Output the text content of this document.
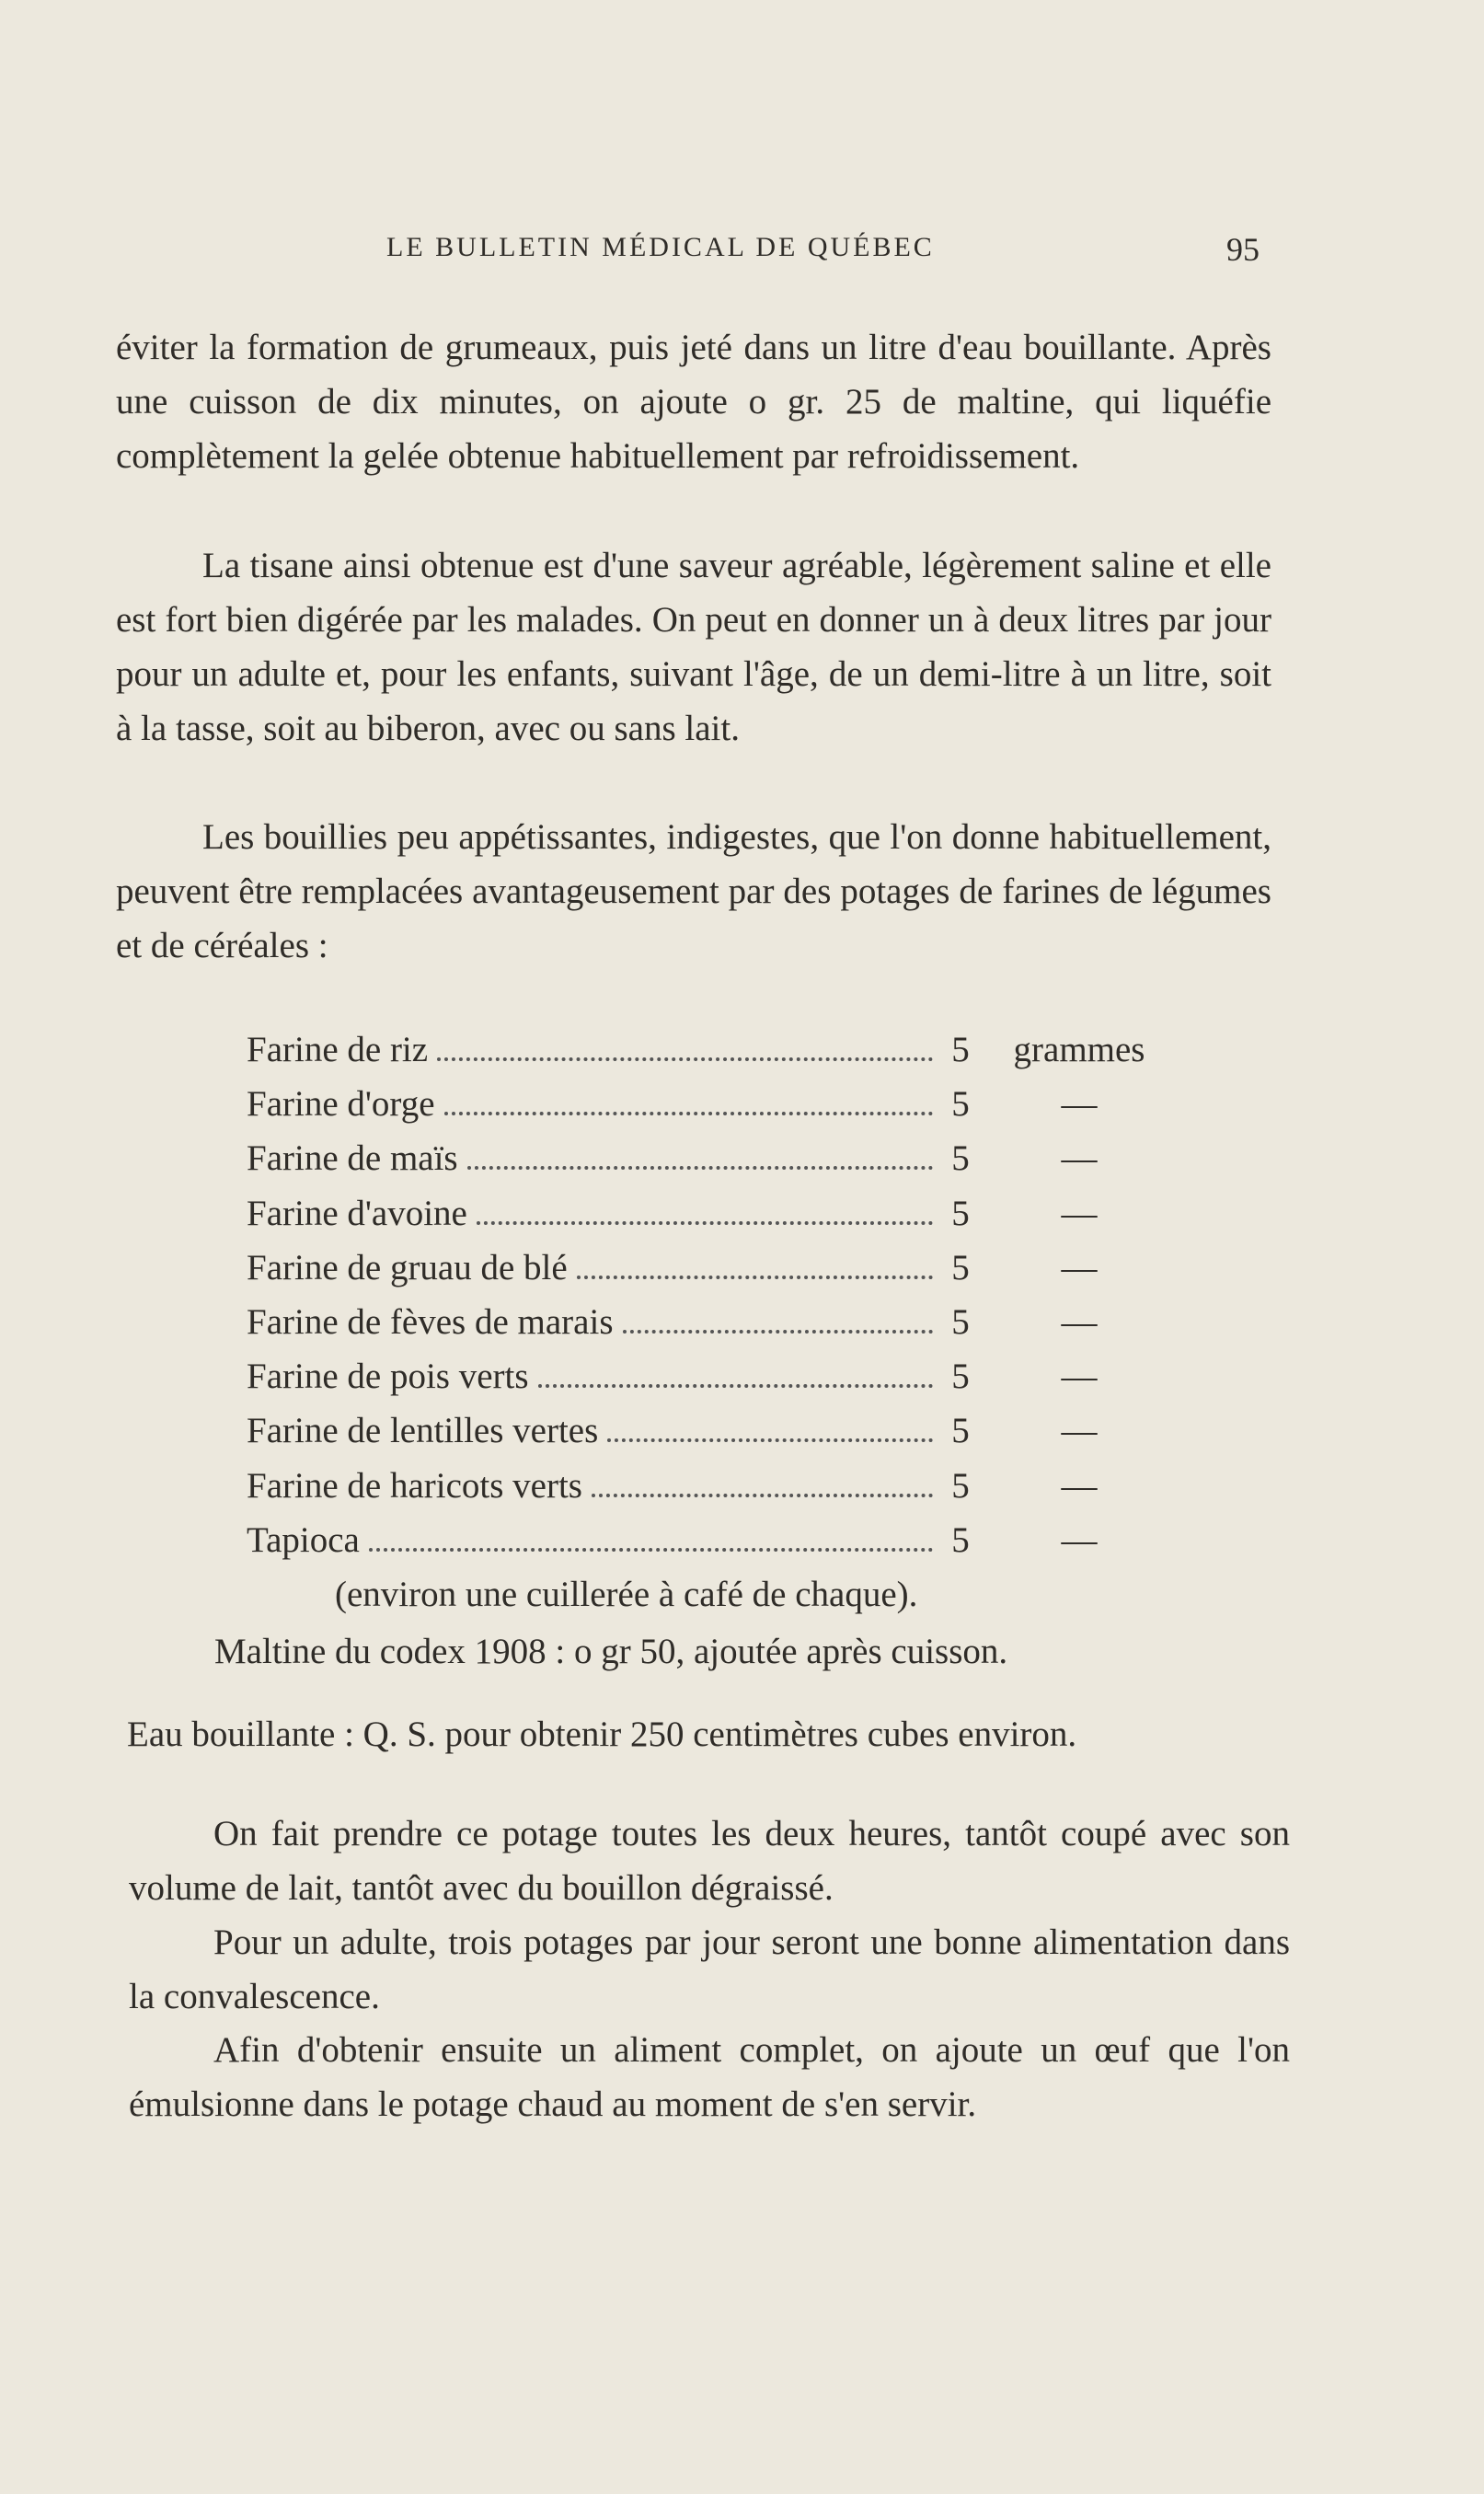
LE BULLETIN MÉDICAL DE QUÉBEC	95

éviter la formation de grumeaux, puis jeté dans un litre d'eau bouillante. Après une cuisson de dix minutes, on ajoute o gr. 25 de maltine, qui liquéfie complètement la gelée obtenue habituellement par refroidissement.

La tisane ainsi obtenue est d'une saveur agréable, légèrement saline et elle est fort bien digérée par les malades. On peut en donner un à deux litres par jour pour un adulte et, pour les enfants, suivant l'âge, de un demi-litre à un litre, soit à la tasse, soit au biberon, avec ou sans lait.

Les bouillies peu appétissantes, indigestes, que l'on donne habituellement, peuvent être remplacées avantageusement par des potages de farines de légumes et de céréales :

Farine de riz	5	grammes
Farine d'orge	5	—
Farine de maïs	5	—
Farine d'avoine	5	—
Farine de gruau de blé	5	—
Farine de fèves de marais	5	—
Farine de pois verts	5	—
Farine de lentilles vertes	5	—
Farine de haricots verts	5	—
Tapioca	5	—
(environ une cuillerée à café de chaque).
Maltine du codex 1908 : o gr 50, ajoutée après cuisson.
Eau bouillante : Q. S. pour obtenir 250 centimètres cubes environ.

On fait prendre ce potage toutes les deux heures, tantôt coupé avec son volume de lait, tantôt avec du bouillon dégraissé.

Pour un adulte, trois potages par jour seront une bonne alimentation dans la convalescence.

Afin d'obtenir ensuite un aliment complet, on ajoute un œuf que l'on émulsionne dans le potage chaud au moment de s'en servir.
